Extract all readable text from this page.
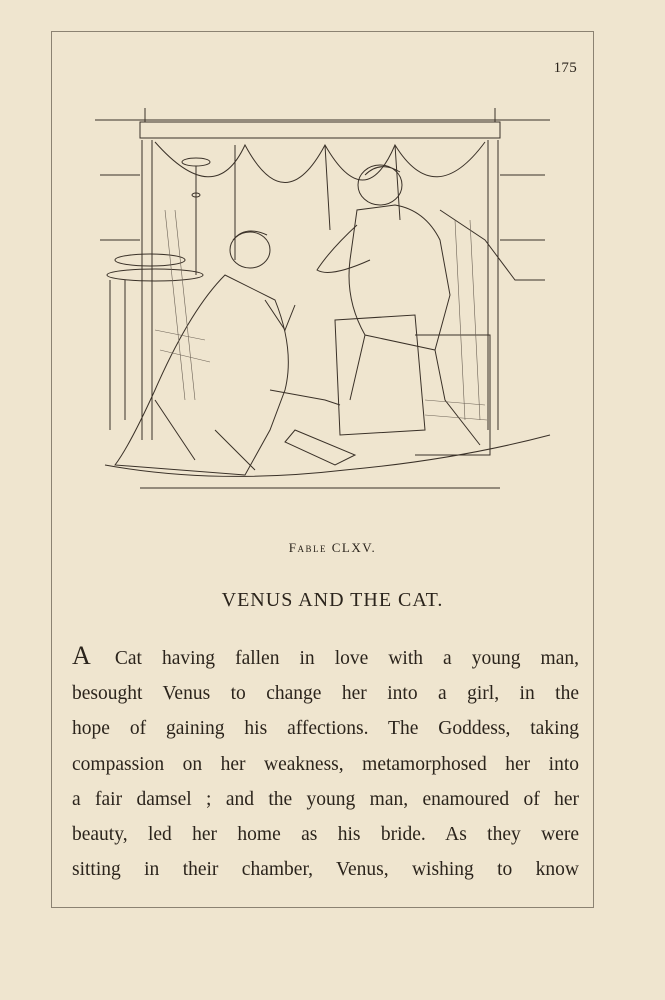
175
Fable CLXV.
VENUS AND THE CAT.
A Cat having fallen in love with a young man,
besought Venus to change her into a girl, in the
hope of gaining his affections. The Goddess, taking
compassion on her weakness, metamorphosed her into
a fair damsel ; and the young man, enamoured of her
beauty, led her home as his bride. As they were
sitting in their chamber, Venus, wishing to know
